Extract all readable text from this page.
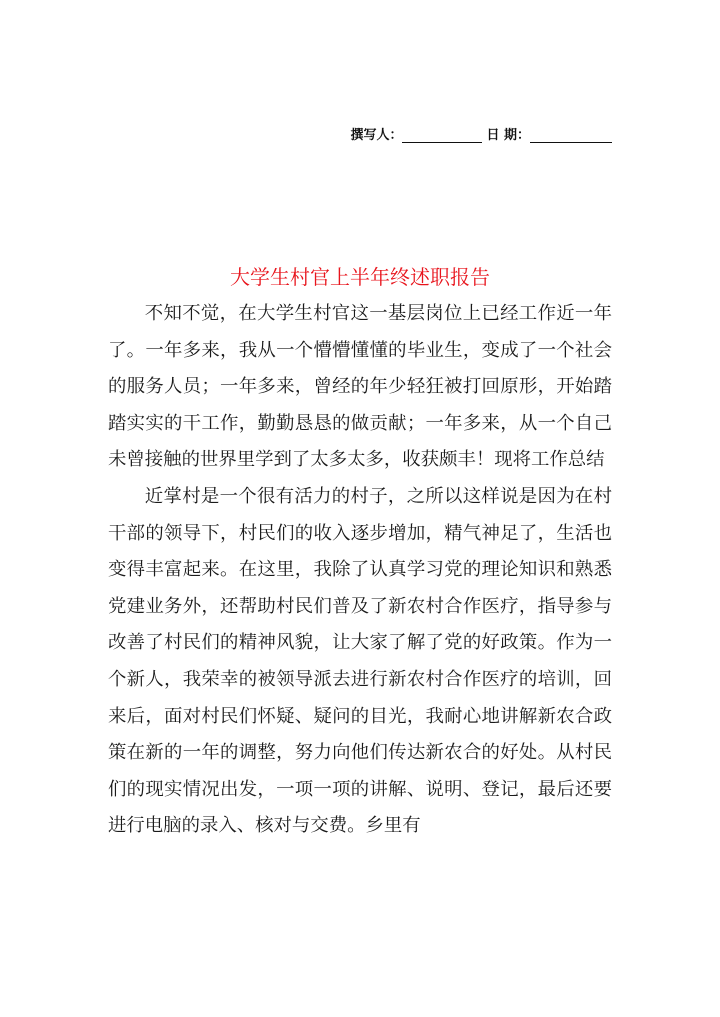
撰写人：	日 期：
大学生村官上半年终述职报告

不知不觉，在大学生村官这一基层岗位上已经工作近一年了。一年多来，我从一个懵懵懂懂的毕业生，变成了一个社会的服务人员；一年多来，曾经的年少轻狂被打回原形，开始踏踏实实的干工作，勤勤恳恳的做贡献；一年多来，从一个自己未曾接触的世界里学到了太多太多，收获颇丰！现将工作总结

近掌村是一个很有活力的村子，之所以这样说是因为在村干部的领导下，村民们的收入逐步增加，精气神足了，生活也变得丰富起来。在这里，我除了认真学习党的理论知识和熟悉党建业务外，还帮助村民们普及了新农村合作医疗，指导参与改善了村民们的精神风貌，让大家了解了党的好政策。作为一个新人，我荣幸的被领导派去进行新农村合作医疗的培训，回来后，面对村民们怀疑、疑问的目光，我耐心地讲解新农合政策在新的一年的调整，努力向他们传达新农合的好处。从村民们的现实情况出发，一项一项的讲解、说明、登记，最后还要进行电脑的录入、核对与交费。乡里有
